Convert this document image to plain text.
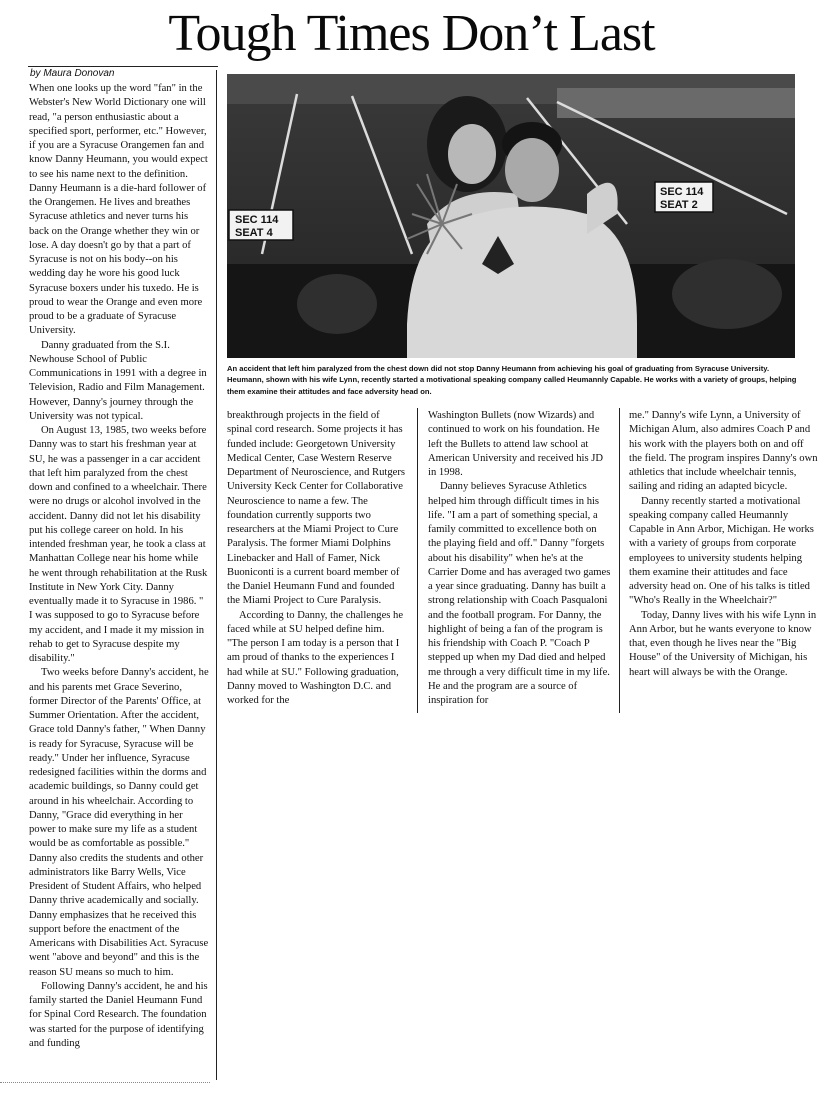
Tough Times Don’t Last
by Maura Donovan

When one looks up the word "fan" in the Webster's New World Dictionary one will read, "a person enthusiastic about a specified sport, performer, etc." However, if you are a Syracuse Orangemen fan and know Danny Heumann, you would expect to see his name next to the definition. Danny Heumann is a die-hard follower of the Orangemen. He lives and breathes Syracuse athletics and never turns his back on the Orange whether they win or lose. A day doesn't go by that a part of Syracuse is not on his body--on his wedding day he wore his good luck Syracuse boxers under his tuxedo. He is proud to wear the Orange and even more proud to be a graduate of Syracuse University.

Danny graduated from the S.I. Newhouse School of Public Communications in 1991 with a degree in Television, Radio and Film Management. However, Danny's journey through the University was not typical.

On August 13, 1985, two weeks before Danny was to start his freshman year at SU, he was a passenger in a car accident that left him paralyzed from the chest down and confined to a wheelchair. There were no drugs or alcohol involved in the accident. Danny did not let his disability put his college career on hold. In his intended freshman year, he took a class at Manhattan College near his home while he went through rehabilitation at the Rusk Institute in New York City. Danny eventually made it to Syracuse in 1986. " I was supposed to go to Syracuse before my accident, and I made it my mission in rehab to get to Syracuse despite my disability."

Two weeks before Danny's accident, he and his parents met Grace Severino, former Director of the Parents' Office, at Summer Orientation. After the accident, Grace told Danny's father, " When Danny is ready for Syracuse, Syracuse will be ready." Under her influence, Syracuse redesigned facilities within the dorms and academic buildings, so Danny could get around in his wheelchair. According to Danny, "Grace did everything in her power to make sure my life as a student would be as comfortable as possible." Danny also credits the students and other administrators like Barry Wells, Vice President of Student Affairs, who helped Danny thrive academically and socially. Danny emphasizes that he received this support before the enactment of the Americans with Disabilities Act. Syracuse went "above and beyond" and this is the reason SU means so much to him.

Following Danny's accident, he and his family started the Daniel Heumann Fund for Spinal Cord Research. The foundation was started for the purpose of identifying and funding

SEC 114
SEAT 4
SEC 114
SEAT 2
An accident that left him paralyzed from the chest down did not stop Danny Heumann from achieving his goal of graduating from Syracuse University. Heumann, shown with his wife Lynn, recently started a motivational speaking company called Heumannly Capable. He works with a variety of groups, helping them examine their attitudes and face adversity head on.

breakthrough projects in the field of spinal cord research. Some projects it has funded include: Georgetown University Medical Center, Case Western Reserve Department of Neuroscience, and Rutgers University Keck Center for Collaborative Neuroscience to name a few. The foundation currently supports two researchers at the Miami Project to Cure Paralysis. The former Miami Dolphins Linebacker and Hall of Famer, Nick Buoniconti is a current board member of the Daniel Heumann Fund and founded the Miami Project to Cure Paralysis.

According to Danny, the challenges he faced while at SU helped define him. "The person I am today is a person that I am proud of thanks to the experiences I had while at SU." Following graduation, Danny moved to Washington D.C. and worked for the

Washington Bullets (now Wizards) and continued to work on his foundation. He left the Bullets to attend law school at American University and received his JD in 1998.

Danny believes Syracuse Athletics helped him through difficult times in his life. "I am a part of something special, a family committed to excellence both on the playing field and off." Danny "forgets about his disability" when he's at the Carrier Dome and has averaged two games a year since graduating. Danny has built a strong relationship with Coach Pasqualoni and the football program. For Danny, the highlight of being a fan of the program is his friendship with Coach P. "Coach P stepped up when my Dad died and helped me through a very difficult time in my life. He and the program are a source of inspiration for

me." Danny's wife Lynn, a University of Michigan Alum, also admires Coach P and his work with the players both on and off the field. The program inspires Danny's own athletics that include wheelchair tennis, sailing and riding an adapted bicycle.

Danny recently started a motivational speaking company called Heumannly Capable in Ann Arbor, Michigan. He works with a variety of groups from corporate employees to university students helping them examine their attitudes and face adversity head on. One of his talks is titled "Who's Really in the Wheelchair?"

Today, Danny lives with his wife Lynn in Ann Arbor, but he wants everyone to know that, even though he lives near the "Big House" of the University of Michigan, his heart will always be with the Orange.
